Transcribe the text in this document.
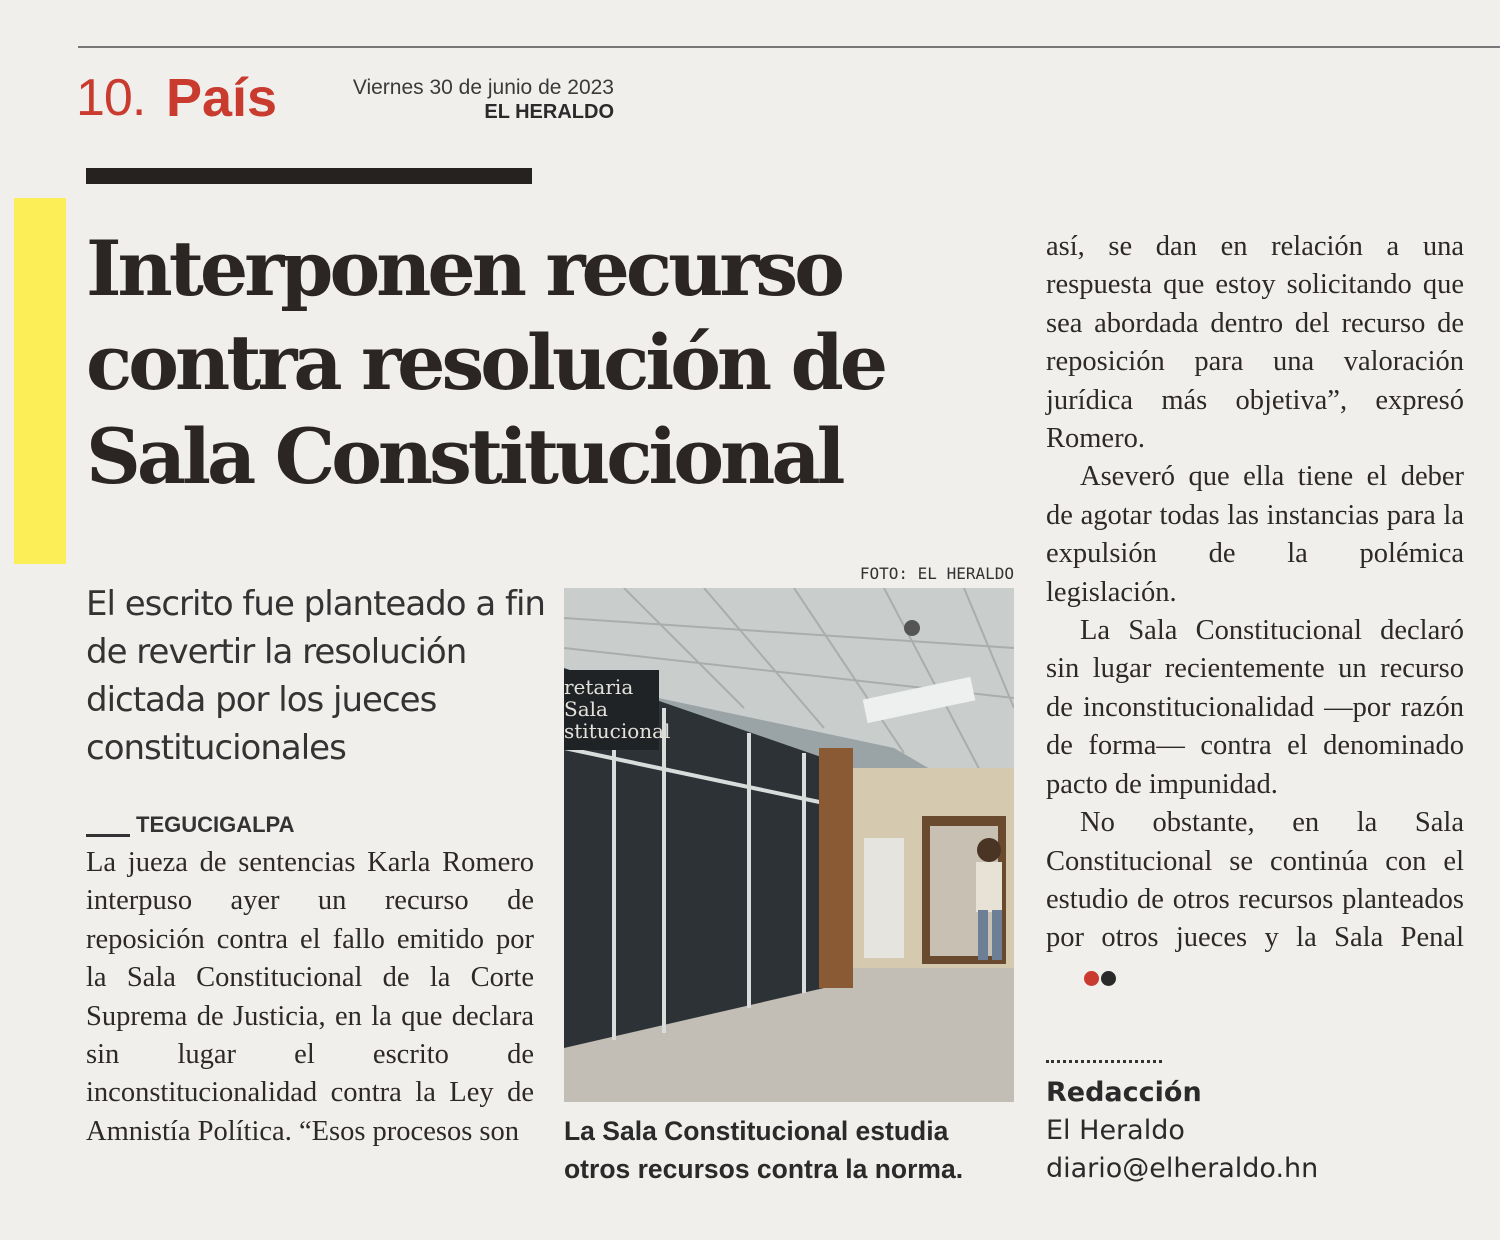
10. País	Viernes 30 de junio de 2023
EL HERALDO
Interponen recurso contra resolución de Sala Constitucional
El escrito fue planteado a fin de revertir la resolución dictada por los jueces constitucionales
TEGUCIGALPA

La jueza de sentencias Karla Romero interpuso ayer un recurso de reposición contra el fallo emitido por la Sala Constitucional de la Corte Suprema de Justicia, en la que declara sin lugar el escrito de inconstitucionalidad contra la Ley de Amnistía Política. “Esos procesos son

FOTO: EL HERALDO
retaria
Sala
stitucional
La Sala Constitucional estudia otros recursos contra la norma.

así, se dan en relación a una respuesta que estoy solicitando que sea abordada dentro del recurso de reposición para una valoración jurídica más objetiva”, expresó Romero.

Aseveró que ella tiene el deber de agotar todas las instancias para la expulsión de la polémica legislación.

La Sala Constitucional declaró sin lugar recientemente un recurso de inconstitucionalidad —por razón de forma— contra el denominado pacto de impunidad.

No obstante, en la Sala Constitucional se continúa con el estudio de otros recursos planteados por otros jueces y la Sala Penal

Redacción
El Heraldo
diario@elheraldo.hn
